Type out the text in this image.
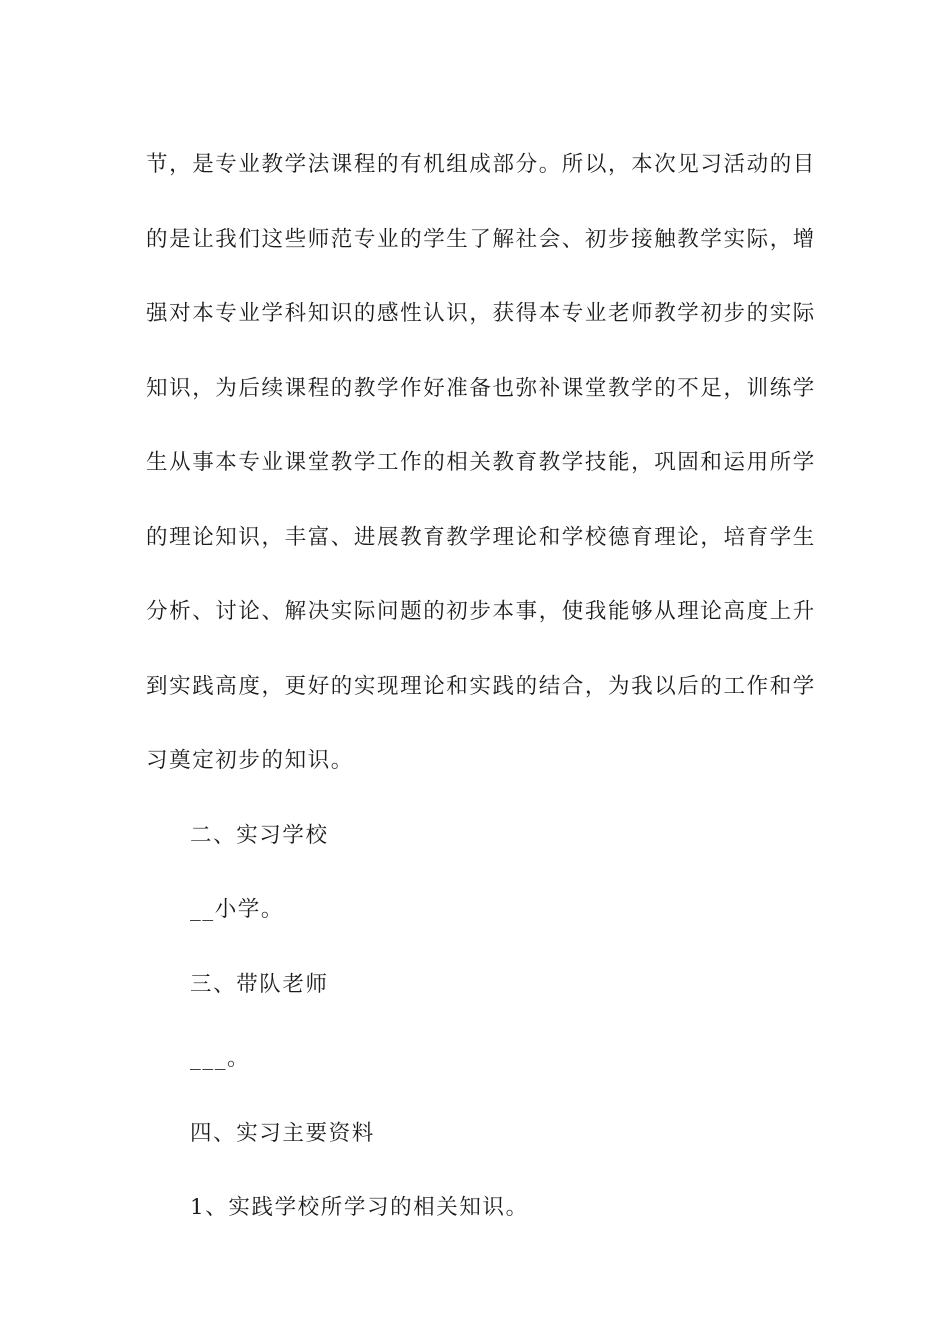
节，是专业教学法课程的有机组成部分。所以，本次见习活动的目
的是让我们这些师范专业的学生了解社会、初步接触教学实际，增
强对本专业学科知识的感性认识，获得本专业老师教学初步的实际
知识，为后续课程的教学作好准备也弥补课堂教学的不足，训练学
生从事本专业课堂教学工作的相关教育教学技能，巩固和运用所学
的理论知识，丰富、进展教育教学理论和学校德育理论，培育学生
分析、讨论、解决实际问题的初步本事，使我能够从理论高度上升
到实践高度，更好的实现理论和实践的结合，为我以后的工作和学
习奠定初步的知识。
二、实习学校
__小学。
三、带队老师
___。
四、实习主要资料
1、实践学校所学习的相关知识。
